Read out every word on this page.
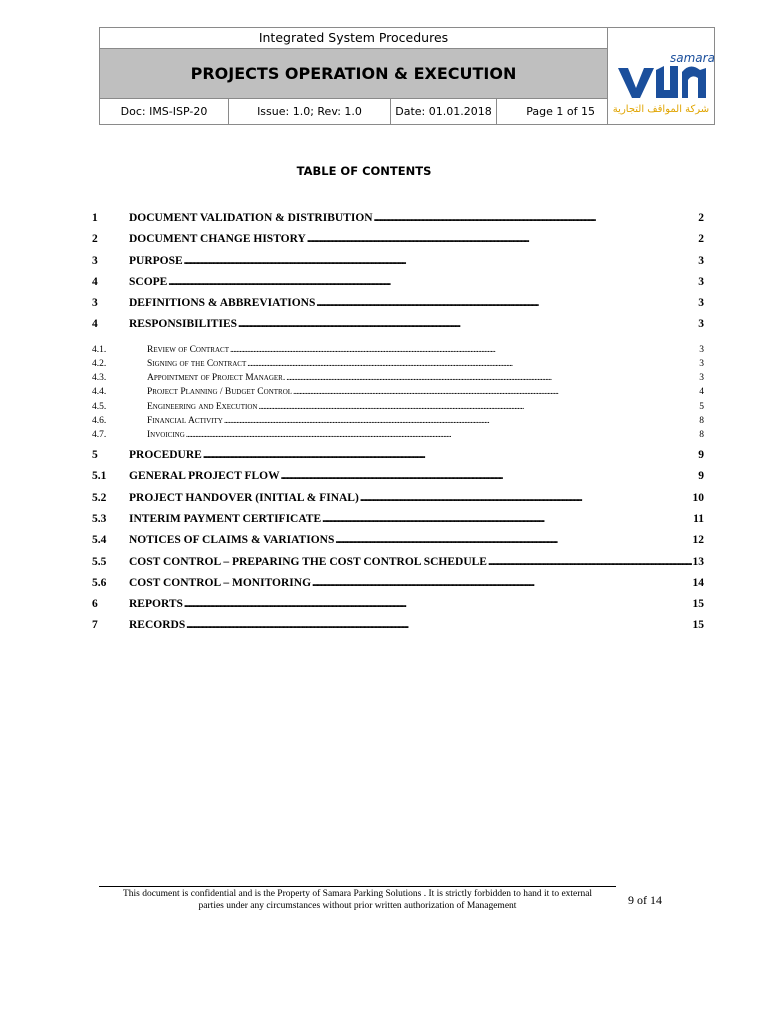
Integrated System Procedures
PROJECTS OPERATION & EXECUTION
Doc: IMS-ISP-20	Issue: 1.0; Rev: 1.0	Date: 01.01.2018	Page 1 of 15
samara
شركة المواقف التجارية
TABLE OF CONTENTS
1	DOCUMENT VALIDATION & DISTRIBUTION . . .	2
2	DOCUMENT CHANGE HISTORY . . .	2
3	PURPOSE . . .	3
4	SCOPE . . .	3
3	DEFINITIONS & ABBREVIATIONS . . .	3
4	RESPONSIBILITIES . . .	3
4.1.	Review of Contract . . .	3
4.2.	Signing of the Contract . . .	3
4.3.	Appointment of Project Manager. . . .	3
4.4.	Project Planning / Budget Control . . .	4
4.5.	Engineering and Execution . . .	5
4.6.	Financial Activity . . .	8
4.7.	Invoicing . . .	8
5	PROCEDURE . . .	9
5.1	GENERAL PROJECT FLOW . . .	9
5.2	PROJECT HANDOVER (INITIAL & FINAL) . . .	10
5.3	INTERIM PAYMENT CERTIFICATE . . .	11
5.4	NOTICES OF CLAIMS & VARIATIONS . . .	12
5.5	COST CONTROL – PREPARING THE COST CONTROL SCHEDULE . . .	13
5.6	COST CONTROL – MONITORING . . .	14
6	REPORTS . . .	15
7	RECORDS . . .	15
This document is confidential and is the Property of Samara Parking Solutions . It is strictly forbidden to hand it to external
parties under any circumstances without prior written authorization of Management	9 of 14
